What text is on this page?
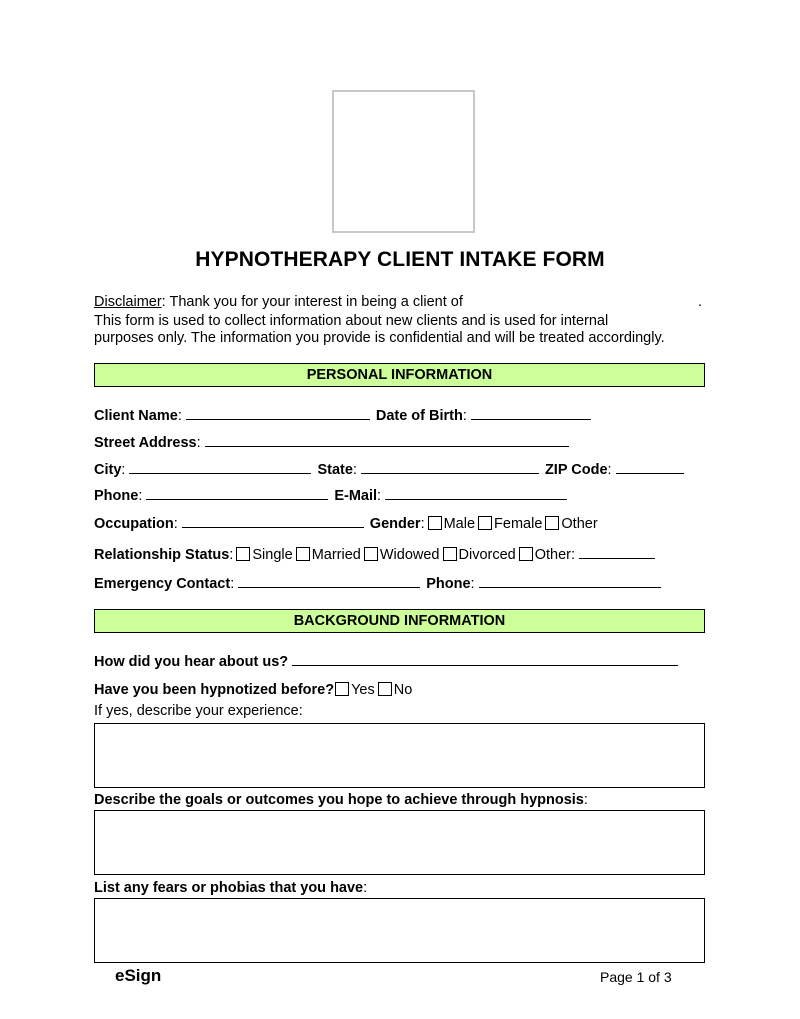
HYPNOTHERAPY CLIENT INTAKE FORM
Disclaimer: Thank you for your interest in being a client of	.
This form is used to collect information about new clients and is used for internal
purposes only. The information you provide is confidential and will be treated accordingly.
PERSONAL INFORMATION
Client Name:	Date of Birth:
Street Address:
City:	State:	ZIP Code:
Phone:	E-Mail:
Occupation:	Gender: Male Female Other
Relationship Status: Single Married Widowed Divorced Other:
Emergency Contact:	Phone:
BACKGROUND INFORMATION
How did you hear about us?
Have you been hypnotized before? Yes No
If yes, describe your experience:
Describe the goals or outcomes you hope to achieve through hypnosis:
List any fears or phobias that you have:
eSign	Page 1 of 3
